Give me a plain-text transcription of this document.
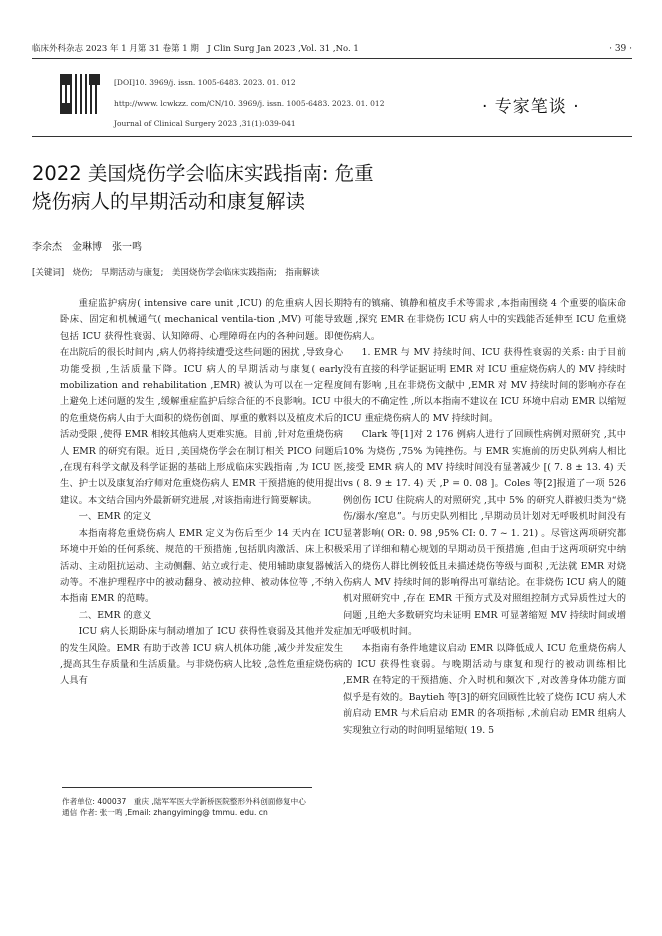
临床外科杂志 2023 年 1 月第 31 卷第 1 期　J Clin Surg Jan 2023 ,Vol. 31 ,No. 1	· 39 ·
[DOI]10. 3969/j. issn. 1005-6483. 2023. 01. 012
http://www. lcwkzz. com/CN/10. 3969/j. issn. 1005-6483. 2023. 01. 012
Journal of Clinical Surgery 2023 ,31(1):039-041
· 专家笔谈 ·
2022 美国烧伤学会临床实践指南: 危重
烧伤病人的早期活动和康复解读
李余杰　金琳博　张一鸣
[关键词]　烧伤;　早期活动与康复;　美国烧伤学会临床实践指南;　指南解读

重症监护病房( intensive care unit ,ICU) 的危重病人因长期卧床、固定和机械通气( mechanical ventila-tion ,MV) 可能导致包括 ICU 获得性衰弱、认知障碍、心理障碍在内的各种问题。即便在出院后的很长时间内 ,病人仍将持续遭受这些问题的困扰 ,导致身心功能受损 ,生活质量下降。ICU 病人的早期活动与康复( early mobilization and rehabilitation ,EMR) 被认为可以在一定程度上避免上述问题的发生 ,缓解重症监护后综合征的不良影响。ICU 中的危重烧伤病人由于大面积的烧伤创面、厚重的敷料以及植皮术后的活动受限 ,使得 EMR 相较其他病人更难实施。目前 ,针对危重烧伤病人 EMR 的研究有限。近日 ,美国烧伤学会在制订相关 PICO 问题后 ,在现有科学文献及科学证据的基础上形成临床实践指南 ,为 ICU 医生、护士以及康复治疗师对危重烧伤病人 EMR 干预措施的使用提出建议。本文结合国内外最新研究进展 ,对该指南进行简要解读。

一、EMR 的定义

本指南将危重烧伤病人 EMR 定义为伤后至少 14 天内在 ICU 环境中开始的任何系统、规范的干预措施 ,包括肌肉激活、床上积极活动、主动阻抗运动、主动侧翻、站立或行走、使用辅助康复器械活动等。不准护理程序中的被动翻身、被动拉伸、被动体位等 ,不纳入本指南 EMR 的范畴。

二、EMR 的意义

ICU 病人长期卧床与制动增加了 ICU 获得性衰弱及其他并发症的发生风险。EMR 有助于改善 ICU 病人机体功能 ,减少并发症发生 ,提高其生存质量和生活质量。与非烧伤病人比较 ,急性危重症烧伤病人具有

特有的镇痛、镇静和植皮手术等需求 ,本指南围绕 4 个重要的临床命题 ,探究 EMR 在非烧伤 ICU 病人中的实践能否延伸至 ICU 危重烧伤病人。

1. EMR 与 MV 持续时间、ICU 获得性衰弱的关系: 由于目前没有直接的科学证据证明 EMR 对 ICU 重症烧伤病人的 MV 持续时间有影响 ,且在非烧伤文献中 ,EMR 对 MV 持续时间的影响亦存在很大的不确定性 ,所以本指南不建议在 ICU 环境中启动 EMR 以缩短 ICU 重症烧伤病人的 MV 持续时间。

Clark 等[1]对 2 176 例病人进行了回顾性病例对照研究 ,其中 10% 为烧伤 ,75% 为钝挫伤。与 EMR 实施前的历史队列病人相比 ,接受 EMR 病人的 MV 持续时间没有显著减少 [( 7. 8 ± 13. 4) 天 vs ( 8. 9 ± 17. 4) 天 ,P = 0. 08 ]。Coles 等[2]报道了一项 526 例创伤 ICU 住院病人的对照研究 ,其中 5% 的研究人群被归类为“烧伤/溺水/窒息”。与历史队列相比 ,早期动员计划对无呼吸机时间没有显著影响( OR: 0. 98 ,95% CI: 0. 7 ~ 1. 21) 。尽管这两项研究都采用了详细和精心规划的早期动员干预措施 ,但由于这两项研究中纳入的烧伤人群比例较低且未描述烧伤等级与面积 ,无法就 EMR 对烧伤病人 MV 持续时间的影响得出可靠结论。在非烧伤 ICU 病人的随机对照研究中 ,存在 EMR 干预方式及对照组控制方式异质性过大的问题 ,且绝大多数研究均未证明 EMR 可显著缩短 MV 持续时间或增加无呼吸机时间。

本指南有条件地建议启动 EMR 以降低成人 ICU 危重烧伤病人的 ICU 获得性衰弱。与晚期活动与康复和现行的被动训练相比 ,EMR 在特定的干预措施、介入时机和频次下 ,对改善身体功能方面似乎是有效的。Baytieh 等[3]的研究回顾性比较了烧伤 ICU 病人术前启动 EMR 与术后启动 EMR 的各项指标 ,术前启动 EMR 组病人实现独立行动的时间明显缩短( 19. 5

作者单位: 400037　重庆 ,陆军军医大学新桥医院整形外科创面修复中心
通信 作者: 张一鸣 ,Email: zhangyiming@ tmmu. edu. cn
